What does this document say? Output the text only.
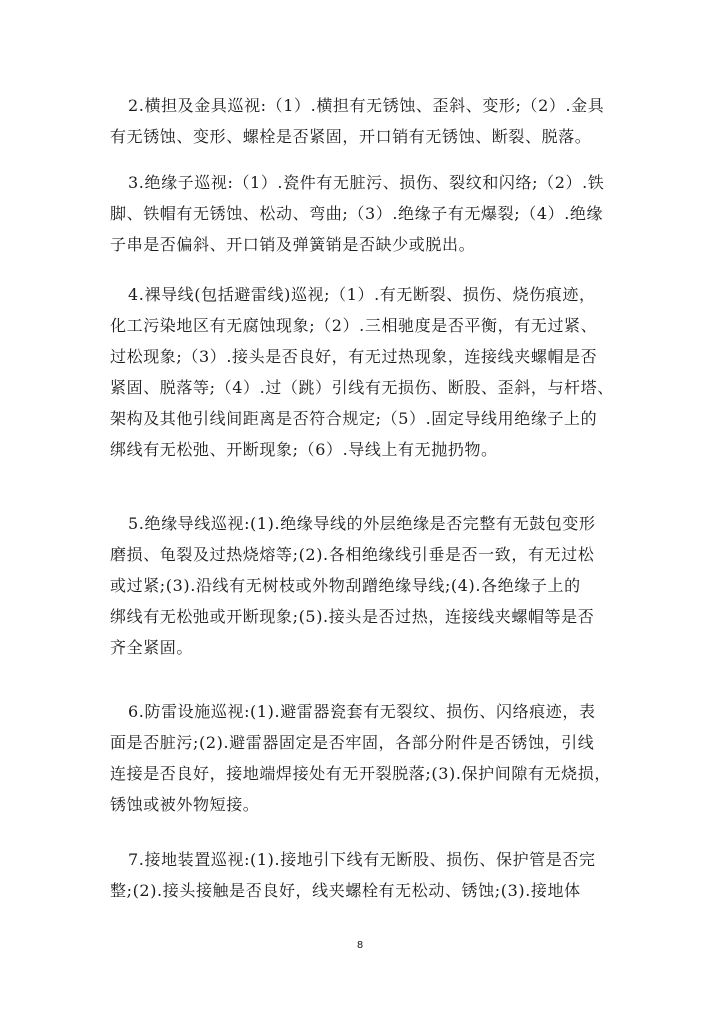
2.横担及金具巡视:（1）.横担有无锈蚀、歪斜、变形;（2）.金具
有无锈蚀、变形、螺栓是否紧固，开口销有无锈蚀、断裂、脱落。
3.绝缘子巡视:（1）.瓷件有无脏污、损伤、裂纹和闪络;（2）.铁
脚、铁帽有无锈蚀、松动、弯曲;（3）.绝缘子有无爆裂;（4）.绝缘
子串是否偏斜、开口销及弹簧销是否缺少或脱出。
4.裸导线(包括避雷线)巡视;（1）.有无断裂、损伤、烧伤痕迹，
化工污染地区有无腐蚀现象;（2）.三相驰度是否平衡，有无过紧、
过松现象;（3）.接头是否良好，有无过热现象，连接线夹螺帽是否
紧固、脱落等;（4）.过（跳）引线有无损伤、断股、歪斜，与杆塔、
架构及其他引线间距离是否符合规定;（5）.固定导线用绝缘子上的
绑线有无松弛、开断现象;（6）.导线上有无抛扔物。
5.绝缘导线巡视:(1).绝缘导线的外层绝缘是否完整有无鼓包变形
磨损、龟裂及过热烧熔等;(2).各相绝缘线引垂是否一致，有无过松
或过紧;(3).沿线有无树枝或外物刮蹭绝缘导线;(4).各绝缘子上的
绑线有无松弛或开断现象;(5).接头是否过热，连接线夹螺帽等是否
齐全紧固。
6.防雷设施巡视:(1).避雷器瓷套有无裂纹、损伤、闪络痕迹，表
面是否脏污;(2).避雷器固定是否牢固，各部分附件是否锈蚀，引线
连接是否良好，接地端焊接处有无开裂脱落;(3).保护间隙有无烧损，
锈蚀或被外物短接。
7.接地装置巡视:(1).接地引下线有无断股、损伤、保护管是否完
整;(2).接头接触是否良好，线夹螺栓有无松动、锈蚀;(3).接地体
8
